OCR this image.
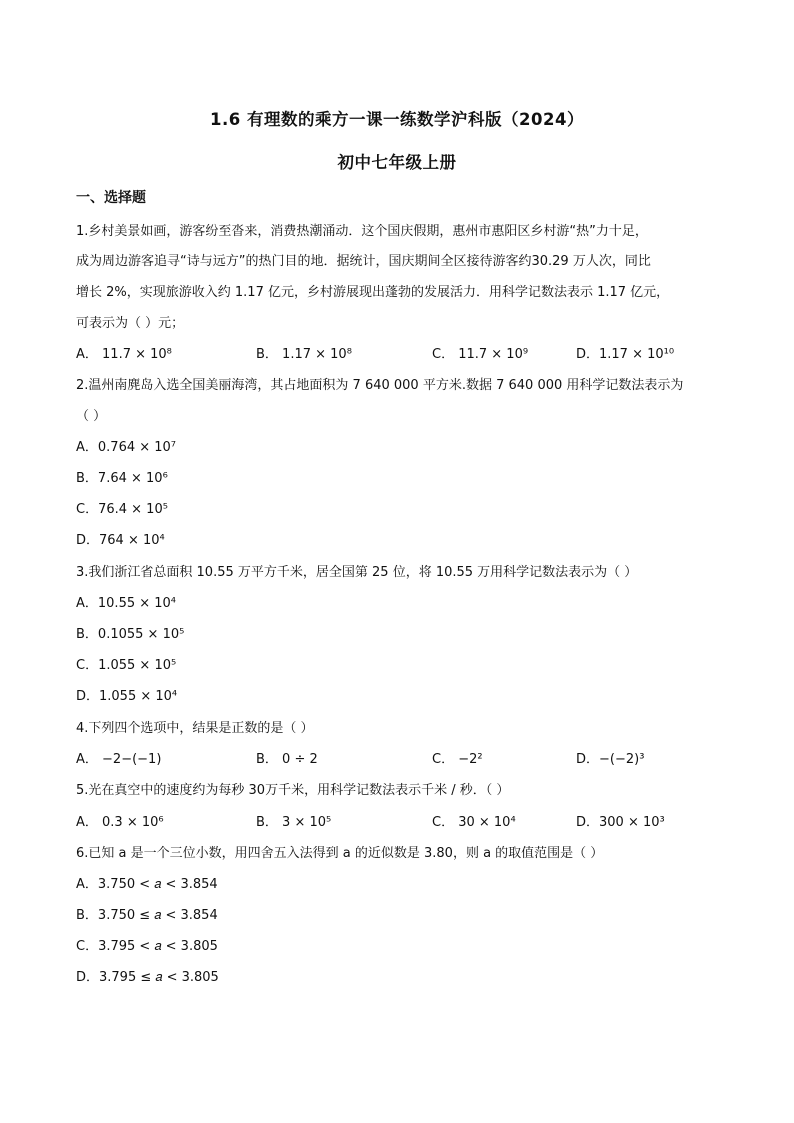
1.6 有理数的乘方一课一练数学沪科版（2024）
初中七年级上册
一、选择题
1.乡村美景如画，游客纷至沓来，消费热潮涌动．这个国庆假期，惠州市惠阳区乡村游“热”力十足，
成为周边游客追寻“诗与远方”的热门目的地．据统计，国庆期间全区接待游客约30.29 万人次，同比
增长 2%，实现旅游收入约 1.17 亿元，乡村游展现出蓬勃的发展活力．用科学记数法表示 1.17 亿元，
可表示为（ ）元；
A． 11.7 × 10⁸	B． 1.17 × 10⁸	C． 11.7 × 10⁹	D．1.17 × 10¹⁰
2.温州南麂岛入选全国美丽海湾，其占地面积为 7 640 000 平方米.数据 7 640 000 用科学记数法表示为
（ ）
A．0.764 × 10⁷
B．7.64 × 10⁶
C．76.4 × 10⁵
D．764 × 10⁴
3.我们浙江省总面积 10.55 万平方千米，居全国第 25 位，将 10.55 万用科学记数法表示为（ ）
A．10.55 × 10⁴
B．0.1055 × 10⁵
C．1.055 × 10⁵
D．1.055 × 10⁴
4.下列四个选项中，结果是正数的是（ ）
A． −2−(−1)	B． 0 ÷ 2	C． −2²	D．−(−2)³
5.光在真空中的速度约为每秒 30万千米，用科学记数法表示千米 / 秒．（ ）
A． 0.3 × 10⁶	B． 3 × 10⁵	C． 30 × 10⁴	D．300 × 10³
6.已知 a 是一个三位小数，用四舍五入法得到 a 的近似数是 3.80，则 a 的取值范围是（ ）
A．3.750 < 𝑎 < 3.854
B．3.750 ≤ 𝑎 < 3.854
C．3.795 < 𝑎 < 3.805
D．3.795 ≤ 𝑎 < 3.805
